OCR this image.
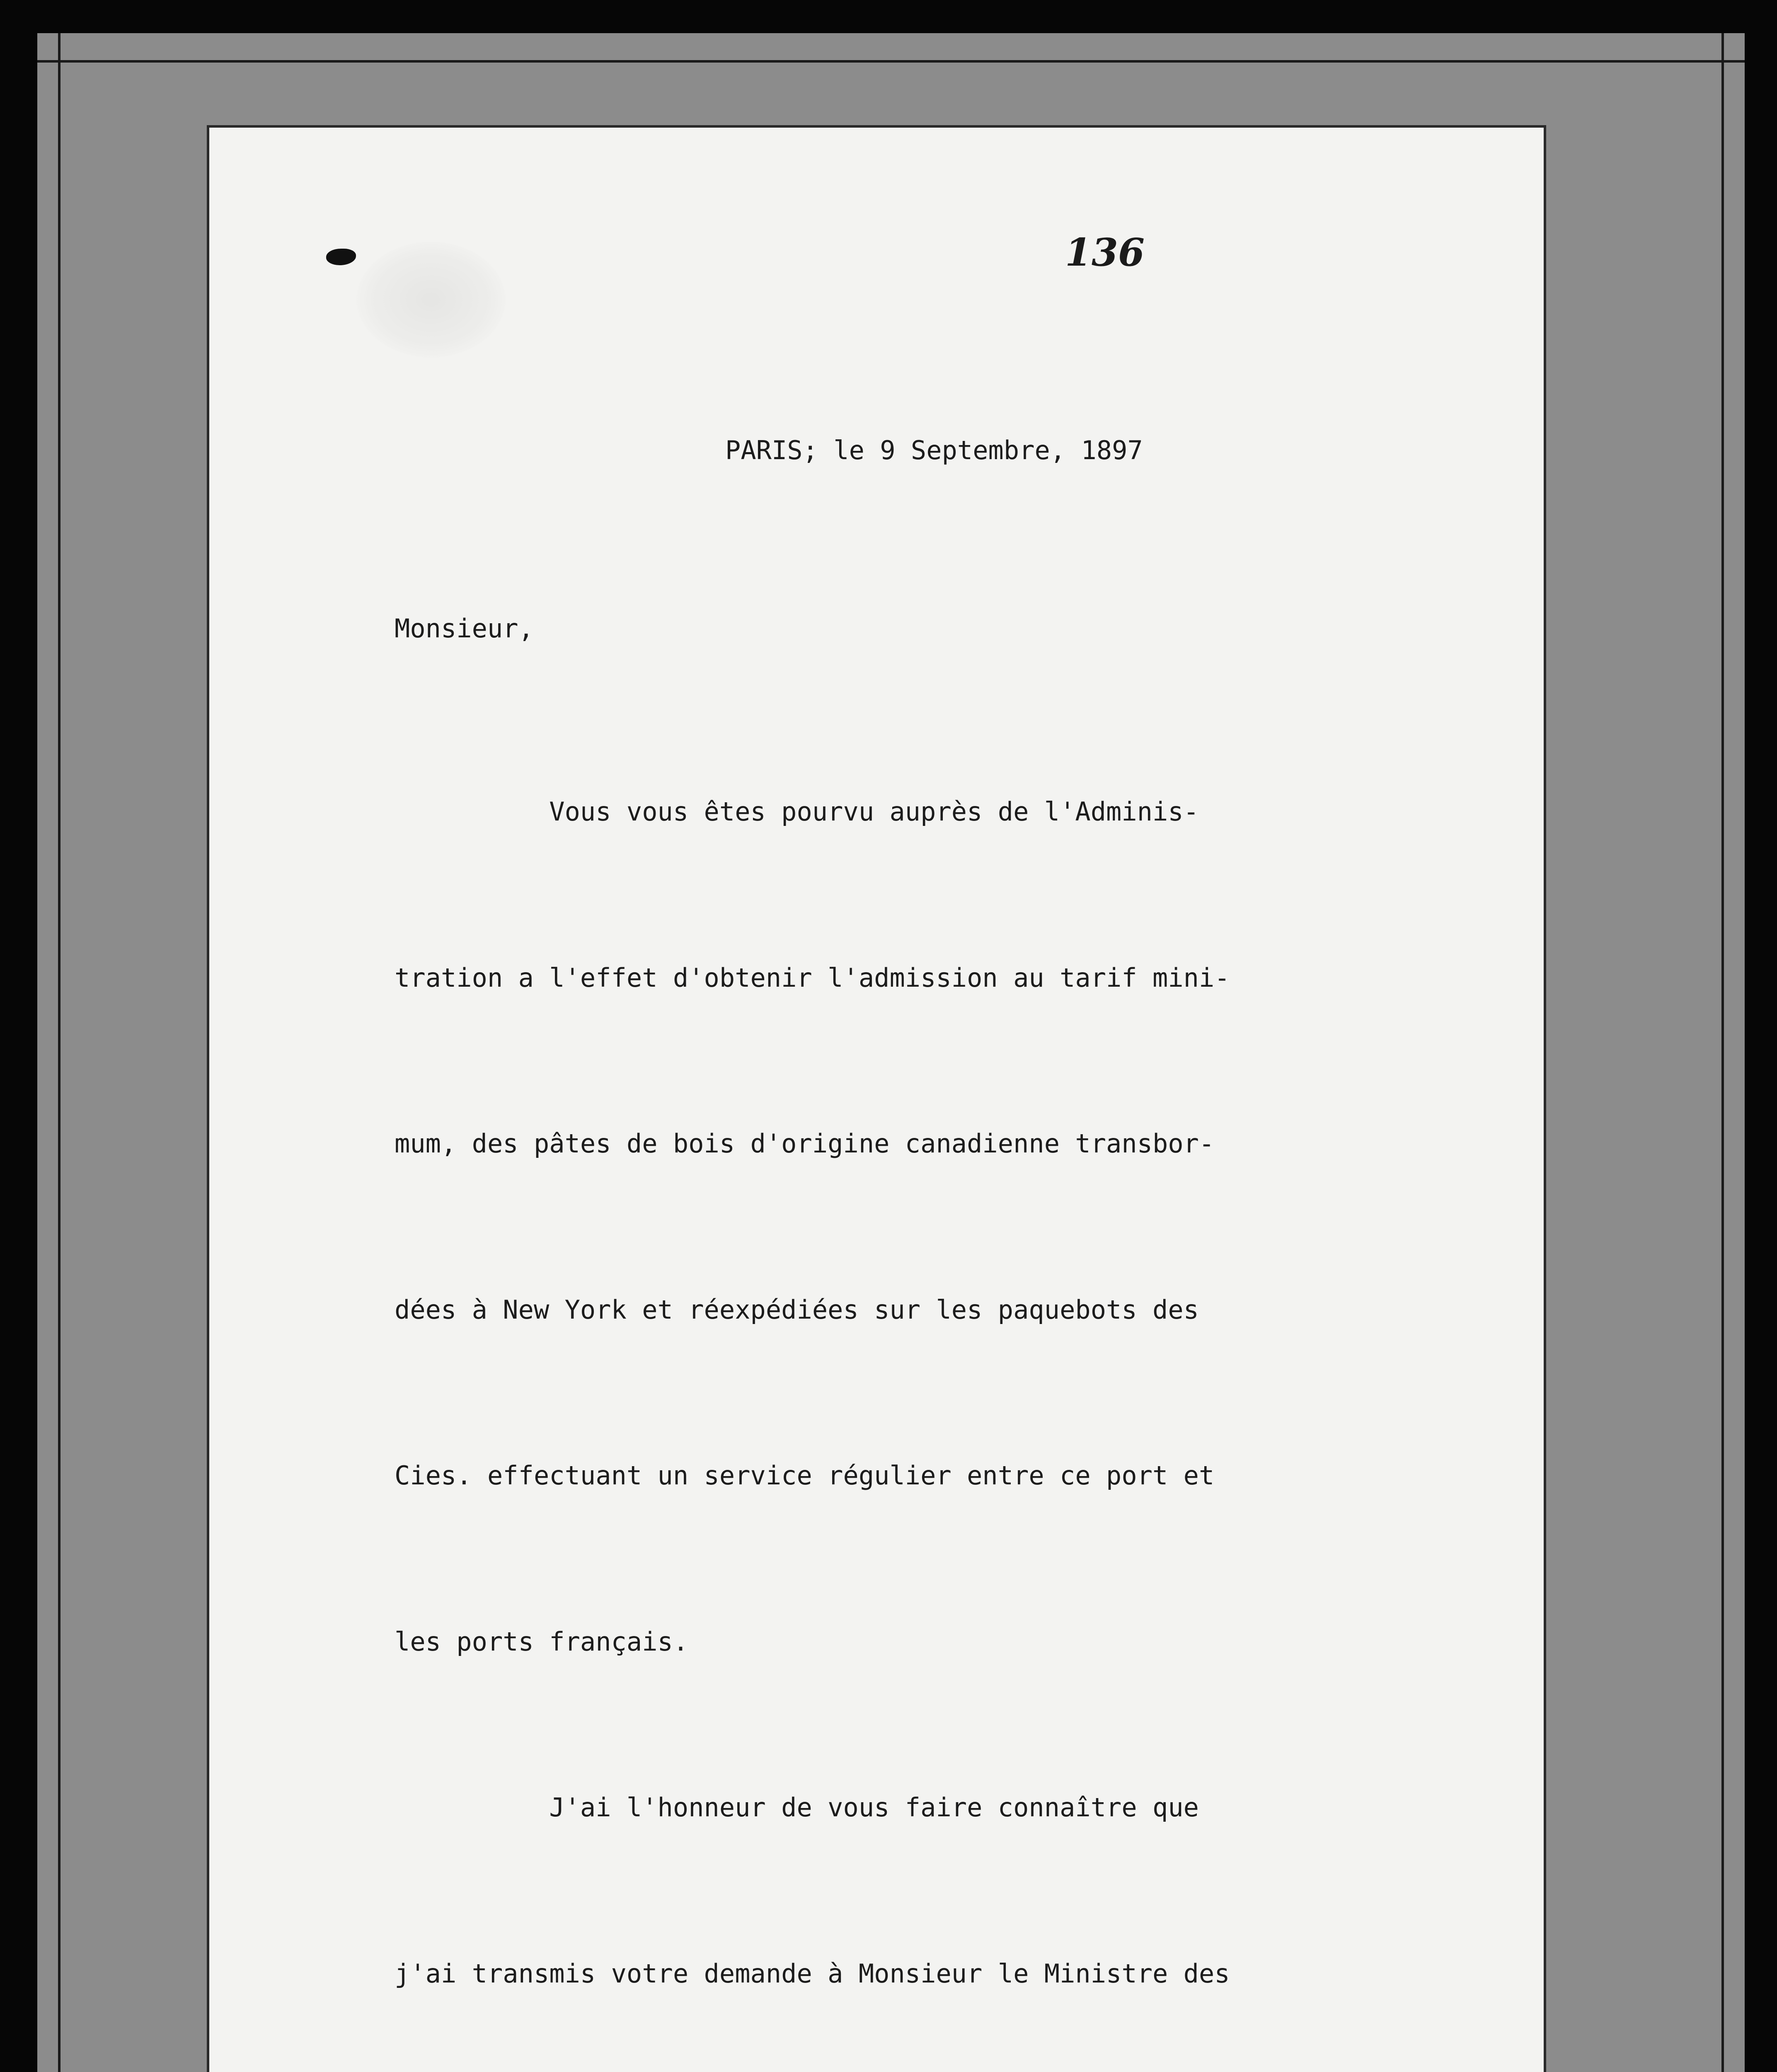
136
PARIS; le 9 Septembre, 1897
Monsieur,

Vous vous êtes pourvu auprès de l'Adminis-

tration a l'effet d'obtenir l'admission au tarif mini-

mum, des pâtes de bois d'origine canadienne transbor-

dées à New York et réexpédiées sur les paquebots des

Cies. effectuant un service régulier entre ce port et

les ports français.

J'ai l'honneur de vous faire connaître que

j'ai transmis votre demande à Monsieur le Ministre des
